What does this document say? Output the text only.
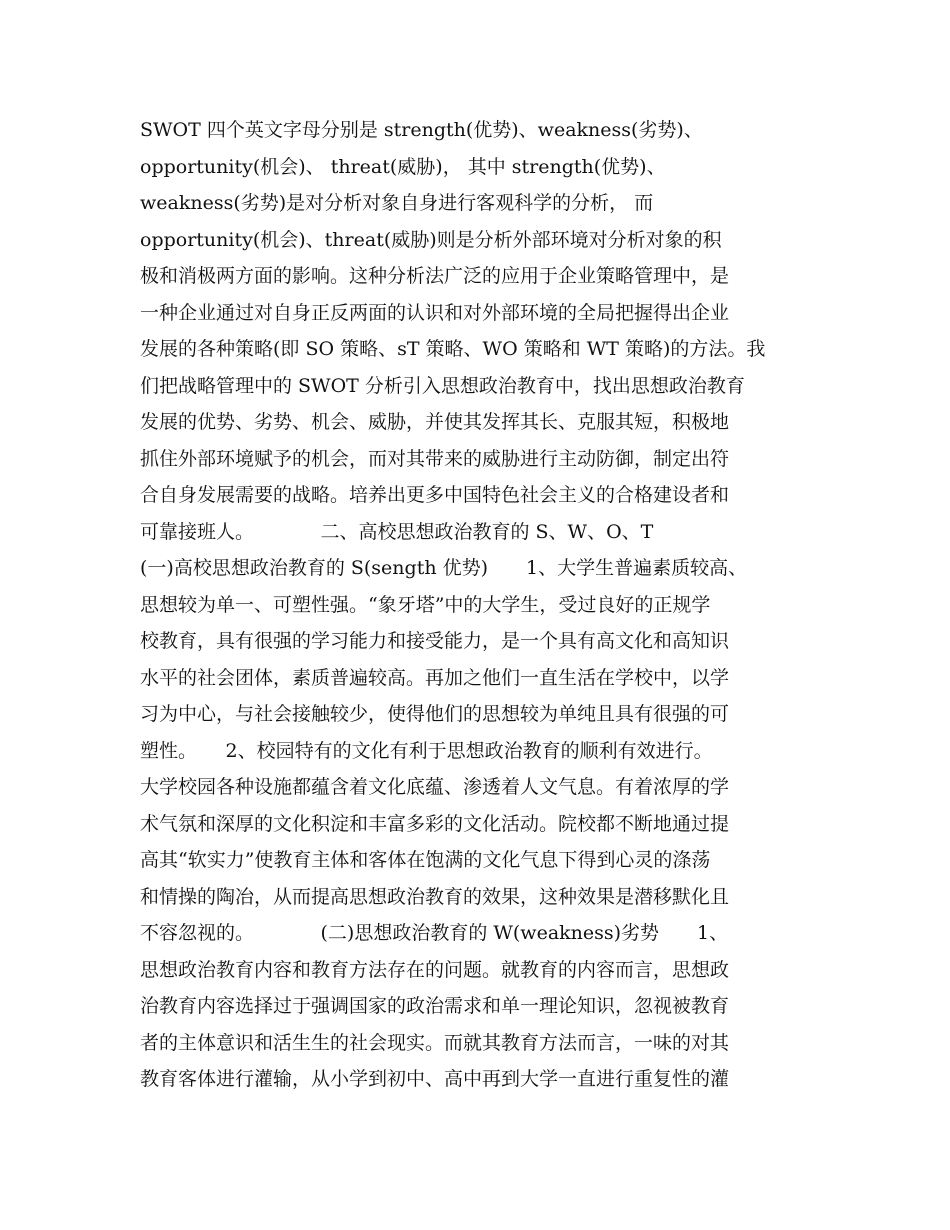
SWOT 四个英文字母分别是 strength(优势)、weakness(劣势)、
opportunity(机会)、 threat(威胁)， 其中 strength(优势)、
weakness(劣势)是对分析对象自身进行客观科学的分析， 而
opportunity(机会)、threat(威胁)则是分析外部环境对分析对象的积
极和消极两方面的影响。这种分析法广泛的应用于企业策略管理中，是
一种企业通过对自身正反两面的认识和对外部环境的全局把握得出企业
发展的各种策略(即 SO 策略、sT 策略、WO 策略和 WT 策略)的方法。我
们把战略管理中的 SWOT 分析引入思想政治教育中，找出思想政治教育
发展的优势、劣势、机会、威胁，并使其发挥其长、克服其短，积极地
抓住外部环境赋予的机会，而对其带来的威胁进行主动防御，制定出符
合自身发展需要的战略。培养出更多中国特色社会主义的合格建设者和
可靠接班人。　　　　二、高校思想政治教育的 S、W、O、T
(一)高校思想政治教育的 S(sength 优势)　　1、大学生普遍素质较高、
思想较为单一、可塑性强。“象牙塔”中的大学生，受过良好的正规学
校教育，具有很强的学习能力和接受能力，是一个具有高文化和高知识
水平的社会团体，素质普遍较高。再加之他们一直生活在学校中，以学
习为中心，与社会接触较少，使得他们的思想较为单纯且具有很强的可
塑性。　　2、校园特有的文化有利于思想政治教育的顺利有效进行。
大学校园各种设施都蕴含着文化底蕴、渗透着人文气息。有着浓厚的学
术气氛和深厚的文化积淀和丰富多彩的文化活动。院校都不断地通过提
高其“软实力”使教育主体和客体在饱满的文化气息下得到心灵的涤荡
和情操的陶冶，从而提高思想政治教育的效果，这种效果是潜移默化且
不容忽视的。　　　　(二)思想政治教育的 W(weakness)劣势　　1、
思想政治教育内容和教育方法存在的问题。就教育的内容而言，思想政
治教育内容选择过于强调国家的政治需求和单一理论知识，忽视被教育
者的主体意识和活生生的社会现实。而就其教育方法而言，一味的对其
教育客体进行灌输，从小学到初中、高中再到大学一直进行重复性的灌
